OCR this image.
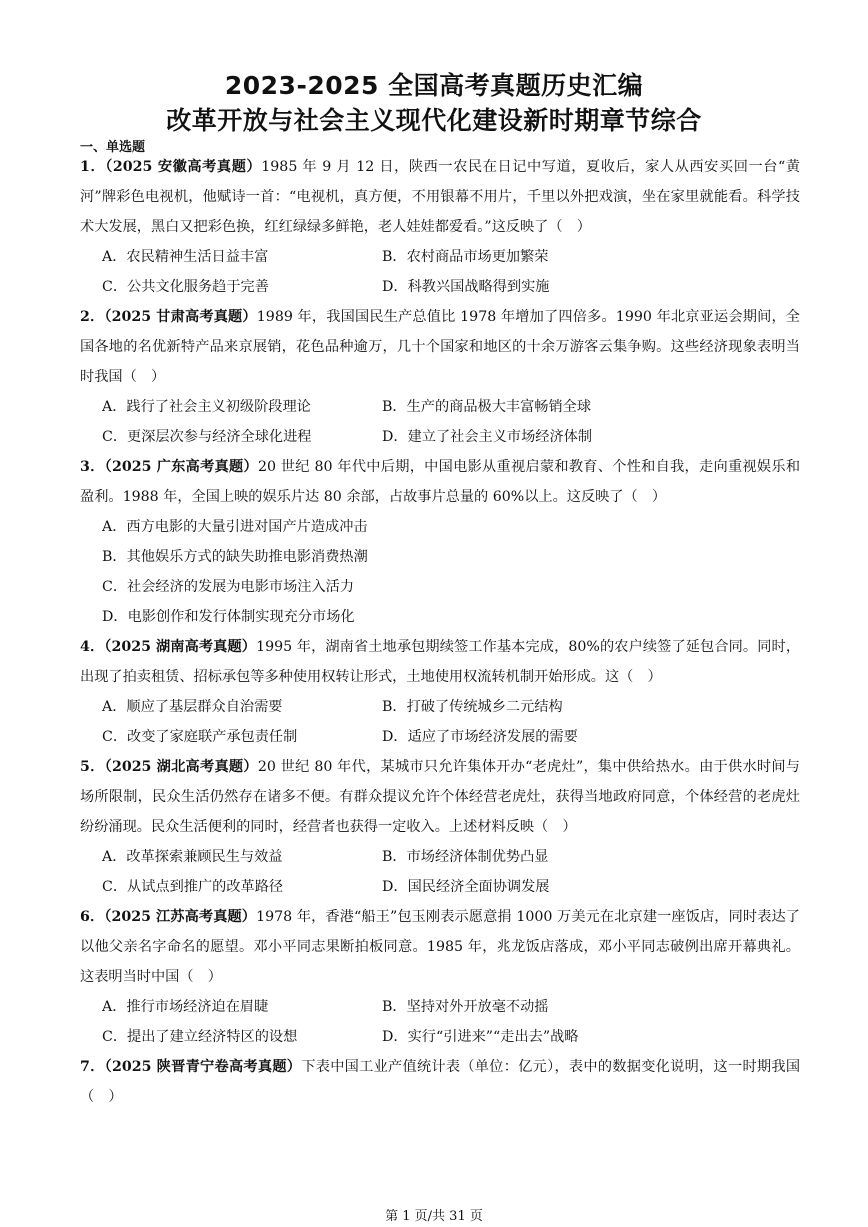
2023-2025 全国高考真题历史汇编
改革开放与社会主义现代化建设新时期章节综合
一、单选题
1．（2025 安徽高考真题）1985 年 9 月 12 日，陕西一农民在日记中写道，夏收后，家人从西安买回一台“黄河”牌彩色电视机，他赋诗一首：“电视机，真方便，不用银幕不用片，千里以外把戏演，坐在家里就能看。科学技术大发展，黑白又把彩色换，红红绿绿多鲜艳，老人娃娃都爱看。”这反映了（　）
A．农民精神生活日益丰富	B．农村商品市场更加繁荣
C．公共文化服务趋于完善	D．科教兴国战略得到实施
2．（2025 甘肃高考真题）1989 年，我国国民生产总值比 1978 年增加了四倍多。1990 年北京亚运会期间，全国各地的名优新特产品来京展销，花色品种逾万，几十个国家和地区的十余万游客云集争购。这些经济现象表明当时我国（　）
A．践行了社会主义初级阶段理论	B．生产的商品极大丰富畅销全球
C．更深层次参与经济全球化进程	D．建立了社会主义市场经济体制
3．（2025 广东高考真题）20 世纪 80 年代中后期，中国电影从重视启蒙和教育、个性和自我，走向重视娱乐和盈利。1988 年，全国上映的娱乐片达 80 余部，占故事片总量的 60%以上。这反映了（　）
A．西方电影的大量引进对国产片造成冲击
B．其他娱乐方式的缺失助推电影消费热潮
C．社会经济的发展为电影市场注入活力
D．电影创作和发行体制实现充分市场化
4．（2025 湖南高考真题）1995 年，湖南省土地承包期续签工作基本完成，80%的农户续签了延包合同。同时，出现了拍卖租赁、招标承包等多种使用权转让形式，土地使用权流转机制开始形成。这（　）
A．顺应了基层群众自治需要	B．打破了传统城乡二元结构
C．改变了家庭联产承包责任制	D．适应了市场经济发展的需要
5．（2025 湖北高考真题）20 世纪 80 年代，某城市只允许集体开办“老虎灶”，集中供给热水。由于供水时间与场所限制，民众生活仍然存在诸多不便。有群众提议允许个体经营老虎灶，获得当地政府同意，个体经营的老虎灶纷纷涌现。民众生活便利的同时，经营者也获得一定收入。上述材料反映（　）
A．改革探索兼顾民生与效益	B．市场经济体制优势凸显
C．从试点到推广的改革路径	D．国民经济全面协调发展
6．（2025 江苏高考真题）1978 年，香港“船王”包玉刚表示愿意捐 1000 万美元在北京建一座饭店，同时表达了以他父亲名字命名的愿望。邓小平同志果断拍板同意。1985 年，兆龙饭店落成，邓小平同志破例出席开幕典礼。这表明当时中国（　）
A．推行市场经济迫在眉睫	B．坚持对外开放毫不动摇
C．提出了建立经济特区的设想	D．实行“引进来”“走出去”战略
7．（2025 陕晋青宁卷高考真题）下表中国工业产值统计表（单位：亿元），表中的数据变化说明，这一时期我国（　）
第 1 页/共 31 页
